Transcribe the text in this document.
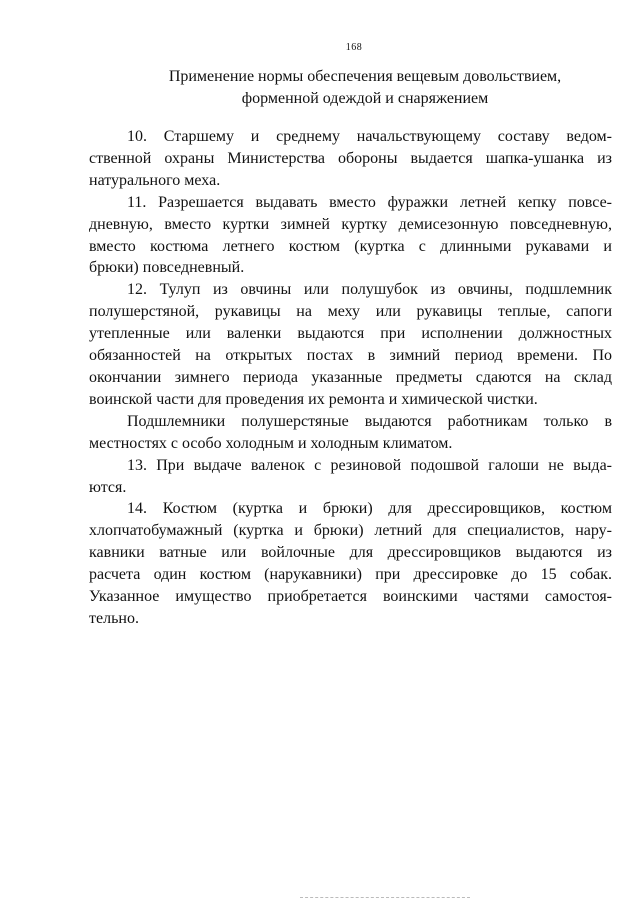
168
Применение нормы обеспечения вещевым довольствием,
форменной одеждой и снаряжением

10. Старшему и среднему начальствующему составу ведом-
ственной охраны Министерства обороны выдается шапка-ушанка из
натурального меха.

11. Разрешается выдавать вместо фуражки летней кепку повсе-
дневную, вместо куртки зимней куртку демисезонную повседневную,
вместо костюма летнего костюм (куртка с длинными рукавами и
брюки) повседневный.

12. Тулуп из овчины или полушубок из овчины, подшлемник
полушерстяной, рукавицы на меху или рукавицы теплые, сапоги
утепленные или валенки выдаются при исполнении должностных
обязанностей на открытых постах в зимний период времени. По
окончании зимнего периода указанные предметы сдаются на склад
воинской части для проведения их ремонта и химической чистки.

Подшлемники полушерстяные выдаются работникам только в
местностях с особо холодным и холодным климатом.

13. При выдаче валенок с резиновой подошвой галоши не выда-
ются.

14. Костюм (куртка и брюки) для дрессировщиков, костюм
хлопчатобумажный (куртка и брюки) летний для специалистов, нару-
кавники ватные или войлочные для дрессировщиков выдаются из
расчета один костюм (нарукавники) при дрессировке до 15 собак.
Указанное имущество приобретается воинскими частями самостоя-
тельно.
